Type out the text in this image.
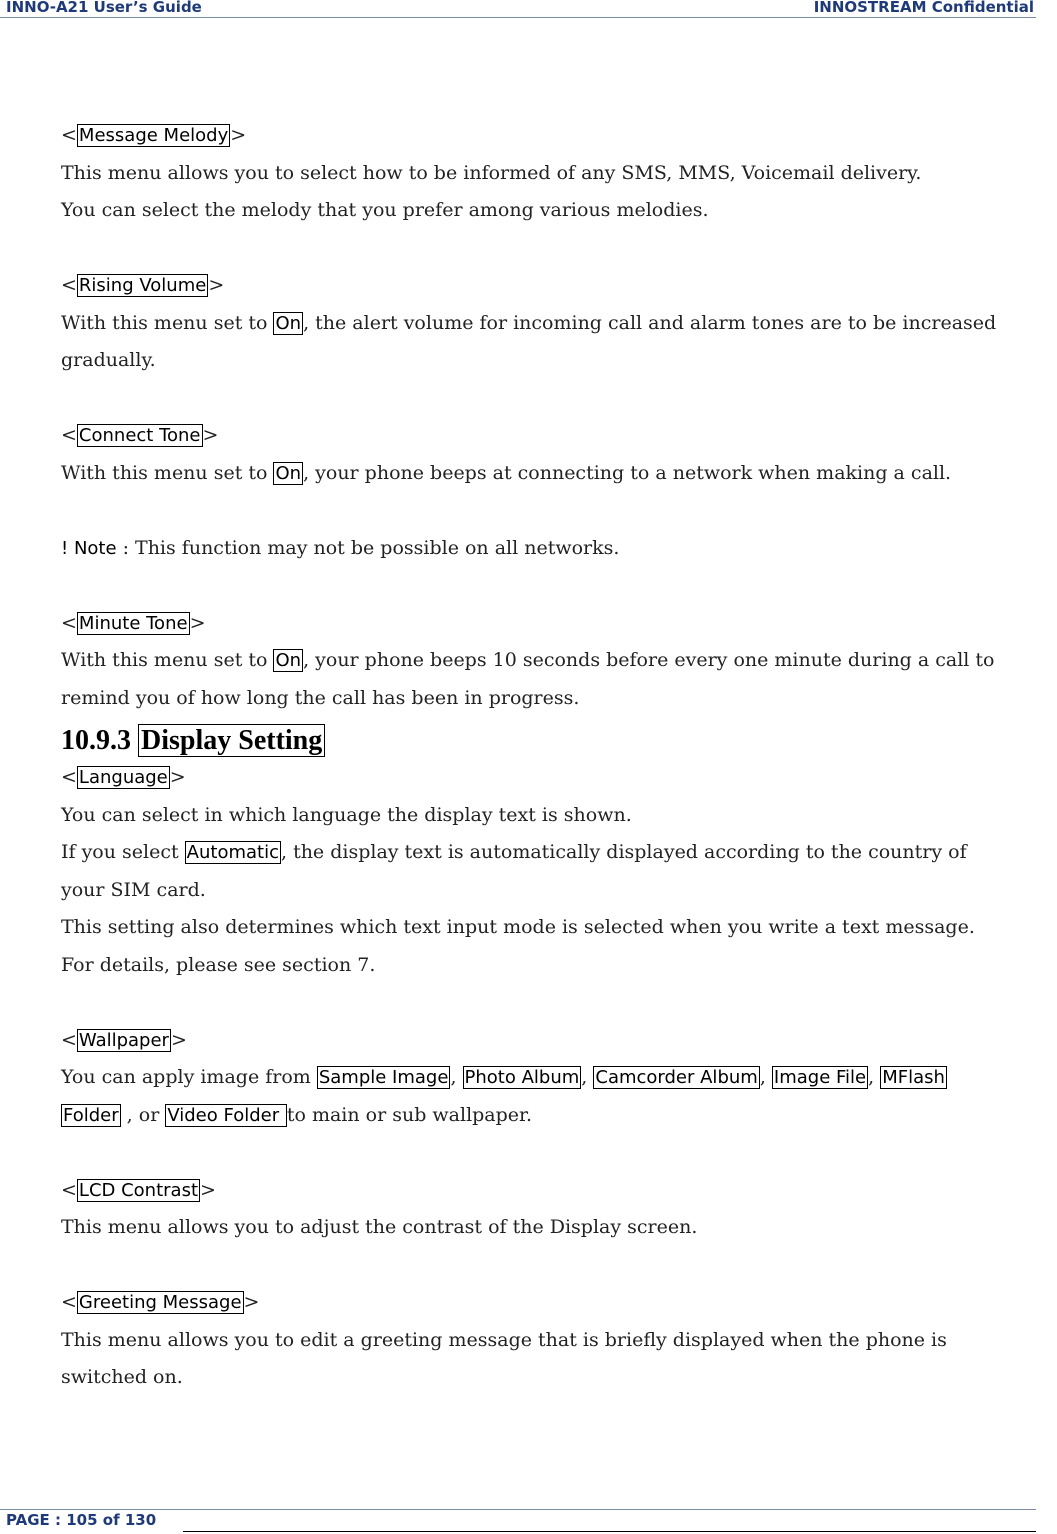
INNO-A21 User’s Guide	INNOSTREAM Confidential
< Message Melody >
This menu allows you to select how to be informed of any SMS, MMS, Voicemail delivery.
You can select the melody that you prefer among various melodies.
< Rising Volume >
With this menu set to On , the alert volume for incoming call and alarm tones are to be increased
gradually.
< Connect Tone >
With this menu set to On , your phone beeps at connecting to a network when making a call.
! Note : This function may not be possible on all networks.
< Minute Tone >
With this menu set to On , your phone beeps 10 seconds before every one minute during a call to
remind you of how long the call has been in progress.
10.9.3 Display Setting
< Language >
You can select in which language the display text is shown.
If you select Automatic , the display text is automatically displayed according to the country of
your SIM card.
This setting also determines which text input mode is selected when you write a text message.
For details, please see section 7.
< Wallpaper >
You can apply image from Sample Image , Photo Album , Camcorder Album , Image File , MFlash
Folder , or Video Folder to main or sub wallpaper.
< LCD Contrast >
This menu allows you to adjust the contrast of the Display screen.
< Greeting Message >
This menu allows you to edit a greeting message that is briefly displayed when the phone is
switched on.
PAGE : 105 of 130
